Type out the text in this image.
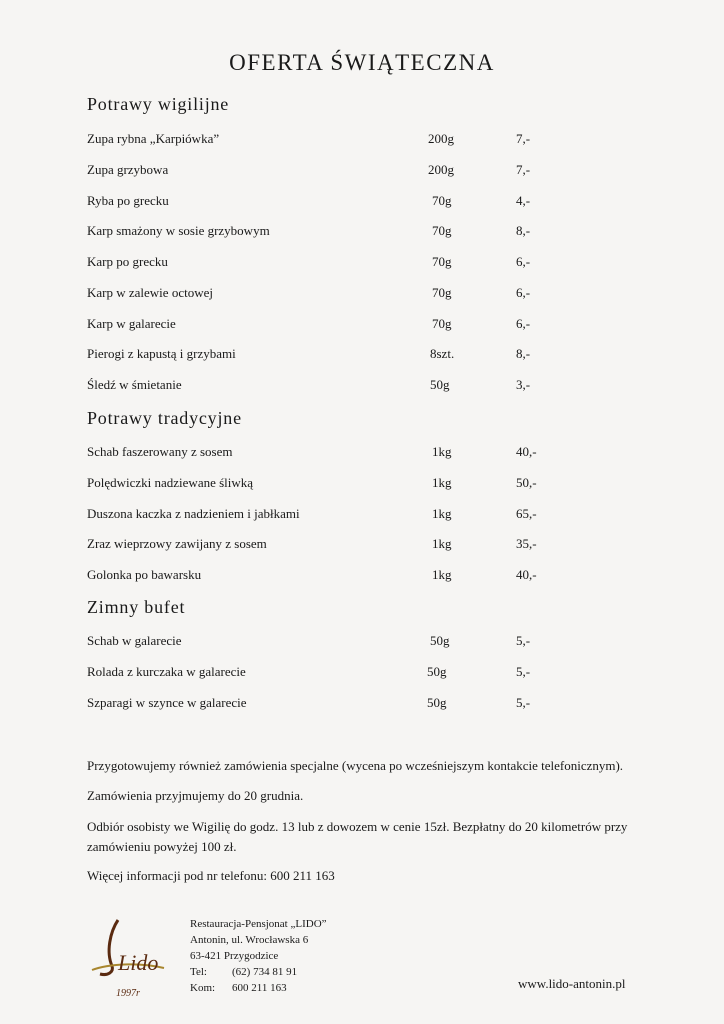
OFERTA ŚWIĄTECZNA
Potrawy wigilijne
Zupa rybna „Karpiówka”	200g	7,-
Zupa grzybowa	200g	7,-
Ryba po grecku	70g	4,-
Karp smażony w sosie grzybowym	70g	8,-
Karp po grecku	70g	6,-
Karp w zalewie octowej	70g	6,-
Karp w galarecie	70g	6,-
Pierogi z kapustą i grzybami	8szt.	8,-
Śledź w śmietanie	50g	3,-
Potrawy tradycyjne
Schab faszerowany z sosem	1kg	40,-
Polędwiczki nadziewane śliwką	1kg	50,-
Duszona kaczka z nadzieniem i jabłkami	1kg	65,-
Zraz wieprzowy zawijany z sosem	1kg	35,-
Golonka po bawarsku	1kg	40,-
Zimny bufet
Schab w galarecie	50g	5,-
Rolada z kurczaka w galarecie	50g	5,-
Szparagi w szynce w galarecie	50g	5,-
Przygotowujemy również zamówienia specjalne (wycena po wcześniejszym kontakcie telefonicznym).
Zamówienia przyjmujemy do 20 grudnia.
Odbiór osobisty we Wigilię do godz. 13 lub z dowozem w cenie 15zł. Bezpłatny do 20 kilometrów przy zamówieniu powyżej 100 zł.
Więcej informacji pod nr telefonu: 600 211 163
Lido
1997r
Restauracja-Pensjonat „LIDO”
Antonin, ul. Wrocławska 6
63-421 Przygodzice
Tel: (62) 734 81 91
Kom: 600 211 163	www.lido-antonin.pl
